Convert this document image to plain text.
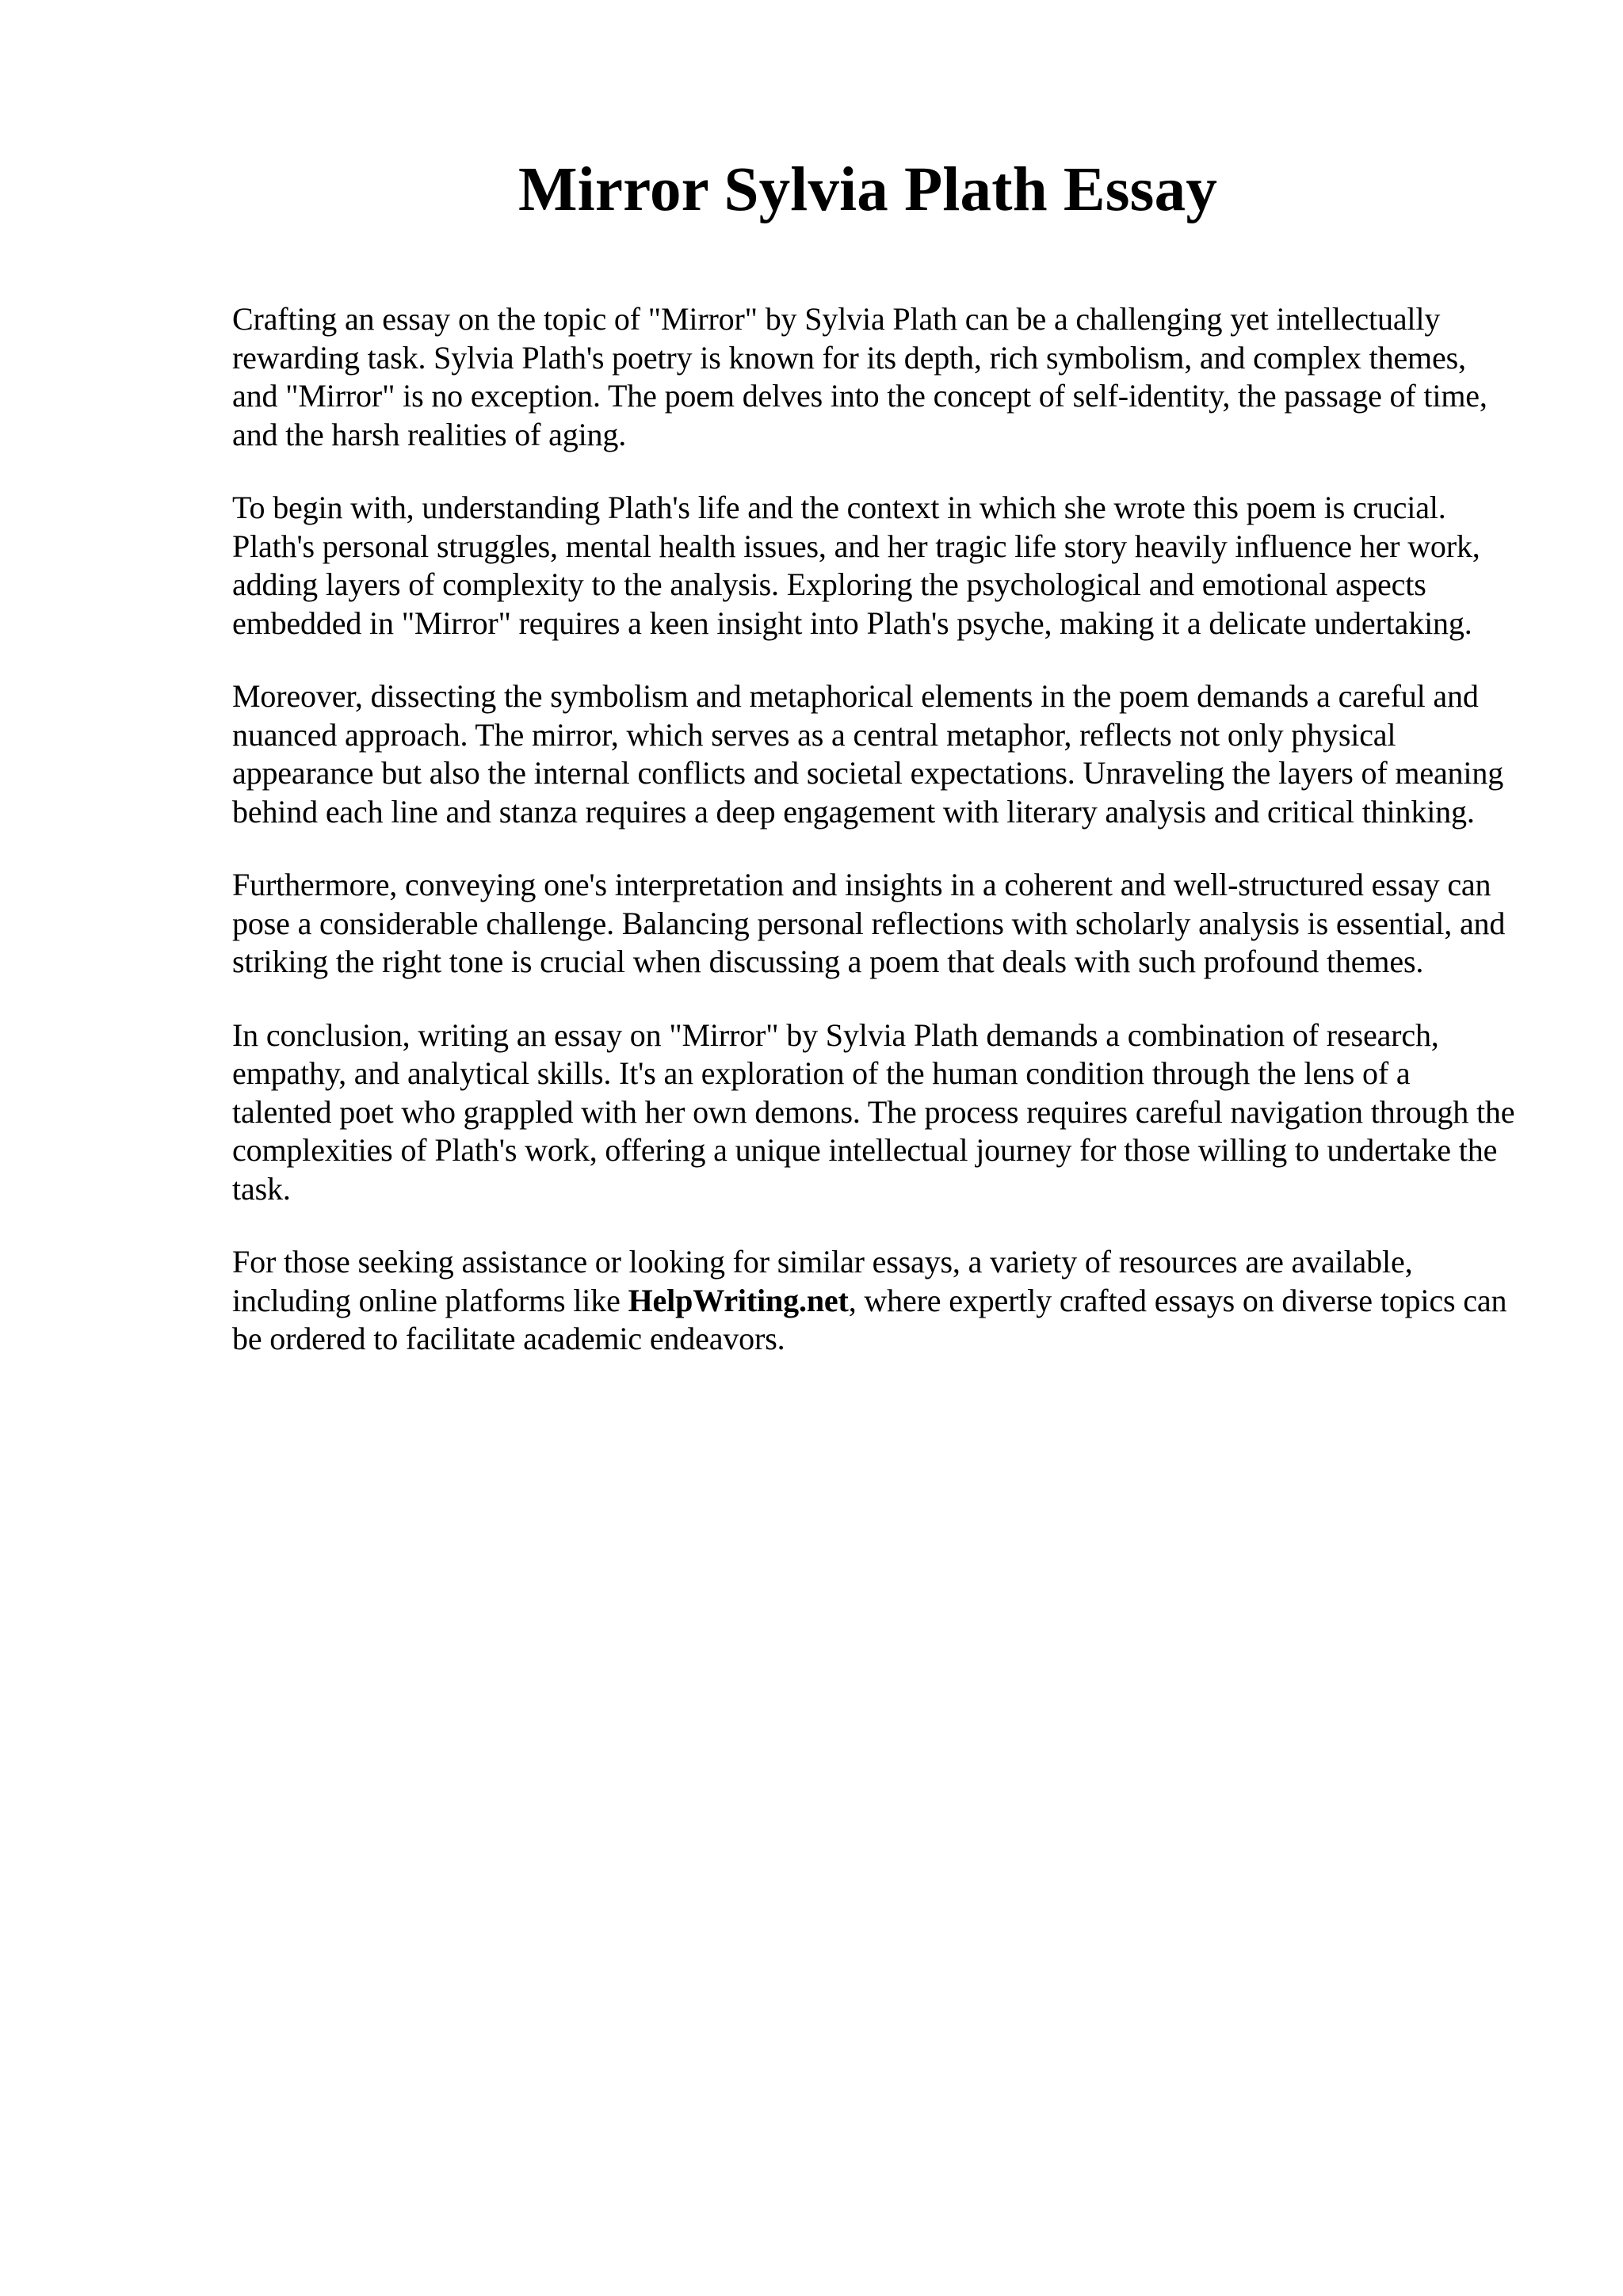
Mirror Sylvia Plath Essay

Crafting an essay on the topic of "Mirror" by Sylvia Plath can be a challenging yet intellectually rewarding task. Sylvia Plath's poetry is known for its depth, rich symbolism, and complex themes, and "Mirror" is no exception. The poem delves into the concept of self-identity, the passage of time, and the harsh realities of aging.

To begin with, understanding Plath's life and the context in which she wrote this poem is crucial. Plath's personal struggles, mental health issues, and her tragic life story heavily influence her work, adding layers of complexity to the analysis. Exploring the psychological and emotional aspects embedded in "Mirror" requires a keen insight into Plath's psyche, making it a delicate undertaking.

Moreover, dissecting the symbolism and metaphorical elements in the poem demands a careful and nuanced approach. The mirror, which serves as a central metaphor, reflects not only physical appearance but also the internal conflicts and societal expectations. Unraveling the layers of meaning behind each line and stanza requires a deep engagement with literary analysis and critical thinking.

Furthermore, conveying one's interpretation and insights in a coherent and well-structured essay can pose a considerable challenge. Balancing personal reflections with scholarly analysis is essential, and striking the right tone is crucial when discussing a poem that deals with such profound themes.

In conclusion, writing an essay on "Mirror" by Sylvia Plath demands a combination of research, empathy, and analytical skills. It's an exploration of the human condition through the lens of a talented poet who grappled with her own demons. The process requires careful navigation through the complexities of Plath's work, offering a unique intellectual journey for those willing to undertake the task.

For those seeking assistance or looking for similar essays, a variety of resources are available, including online platforms like HelpWriting.net, where expertly crafted essays on diverse topics can be ordered to facilitate academic endeavors.
